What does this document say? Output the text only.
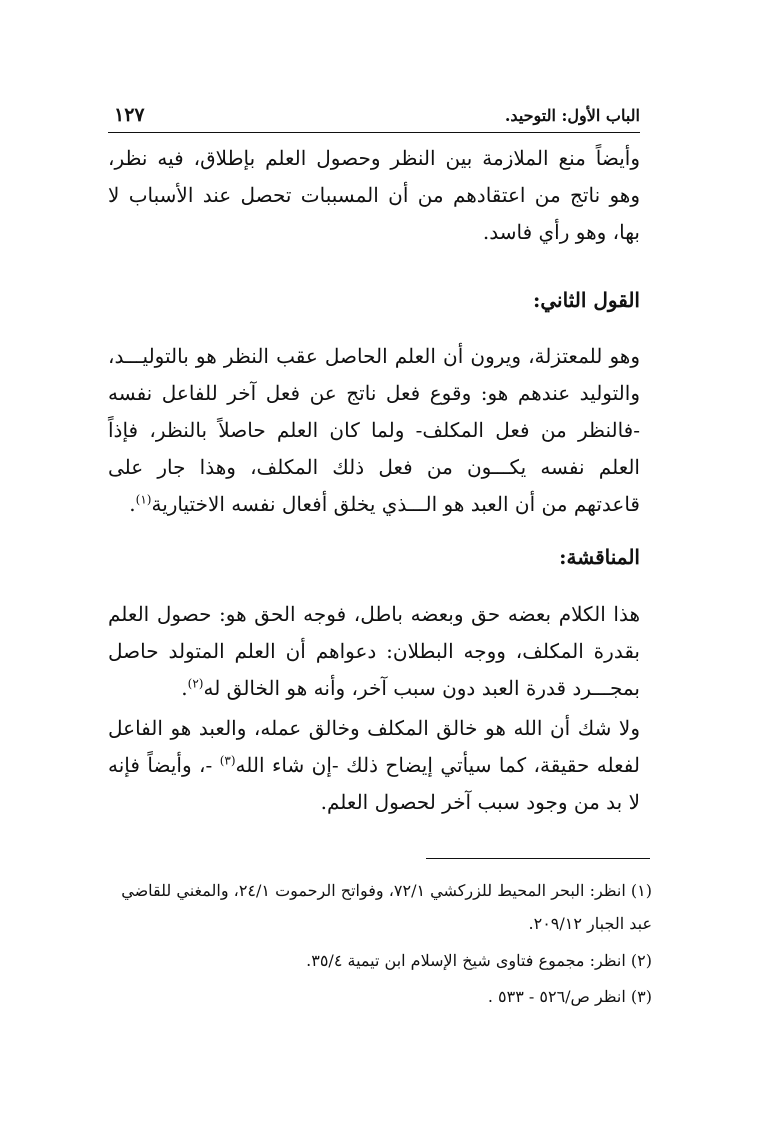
الباب الأول: التوحيد.
١٢٧

وأيضاً منع الملازمة بين النظر وحصول العلم بإطلاق، فيه نظر، وهو ناتج من اعتقادهم من أن المسببات تحصل عند الأسباب لا بها، وهو رأي فاسد.

القول الثاني:

وهو للمعتزلة، ويرون أن العلم الحاصل عقب النظر هو بالتوليـــد، والتوليد عندهم هو: وقوع فعل ناتج عن فعل آخر للفاعل نفسه -فالنظر من فعل المكلف- ولما كان العلم حاصلاً بالنظر، فإذاً العلم نفسه يكـــون من فعل ذلك المكلف، وهذا جار على قاعدتهم من أن العبد هو الـــذي يخلق أفعال نفسه الاختيارية$^{(١)}$.

المناقشة:

هذا الكلام بعضه حق وبعضه باطل، فوجه الحق هو: حصول العلم بقدرة المكلف، ووجه البطلان: دعواهم أن العلم المتولد حاصل بمجـــرد قدرة العبد دون سبب آخر، وأنه هو الخالق له$^{(٢)}$.

ولا شك أن الله هو خالق المكلف وخالق عمله، والعبد هو الفاعل لفعله حقيقة، كما سيأتي إيضاح ذلك -إن شاء الله$^{(٣)}$ -، وأيضاً فإنه لا بد من وجود سبب آخر لحصول العلم.

(١) انظر: البحر المحيط للزركشي ٧٢/١، وفواتح الرحموت ٢٤/١، والمغني للقاضي عبد الجبار ٢٠٩/١٢.

(٢) انظر: مجموع فتاوى شيخ الإسلام ابن تيمية ٣٥/٤.

(٣) انظر ص/٥٢٦ - ٥٣٣ .
